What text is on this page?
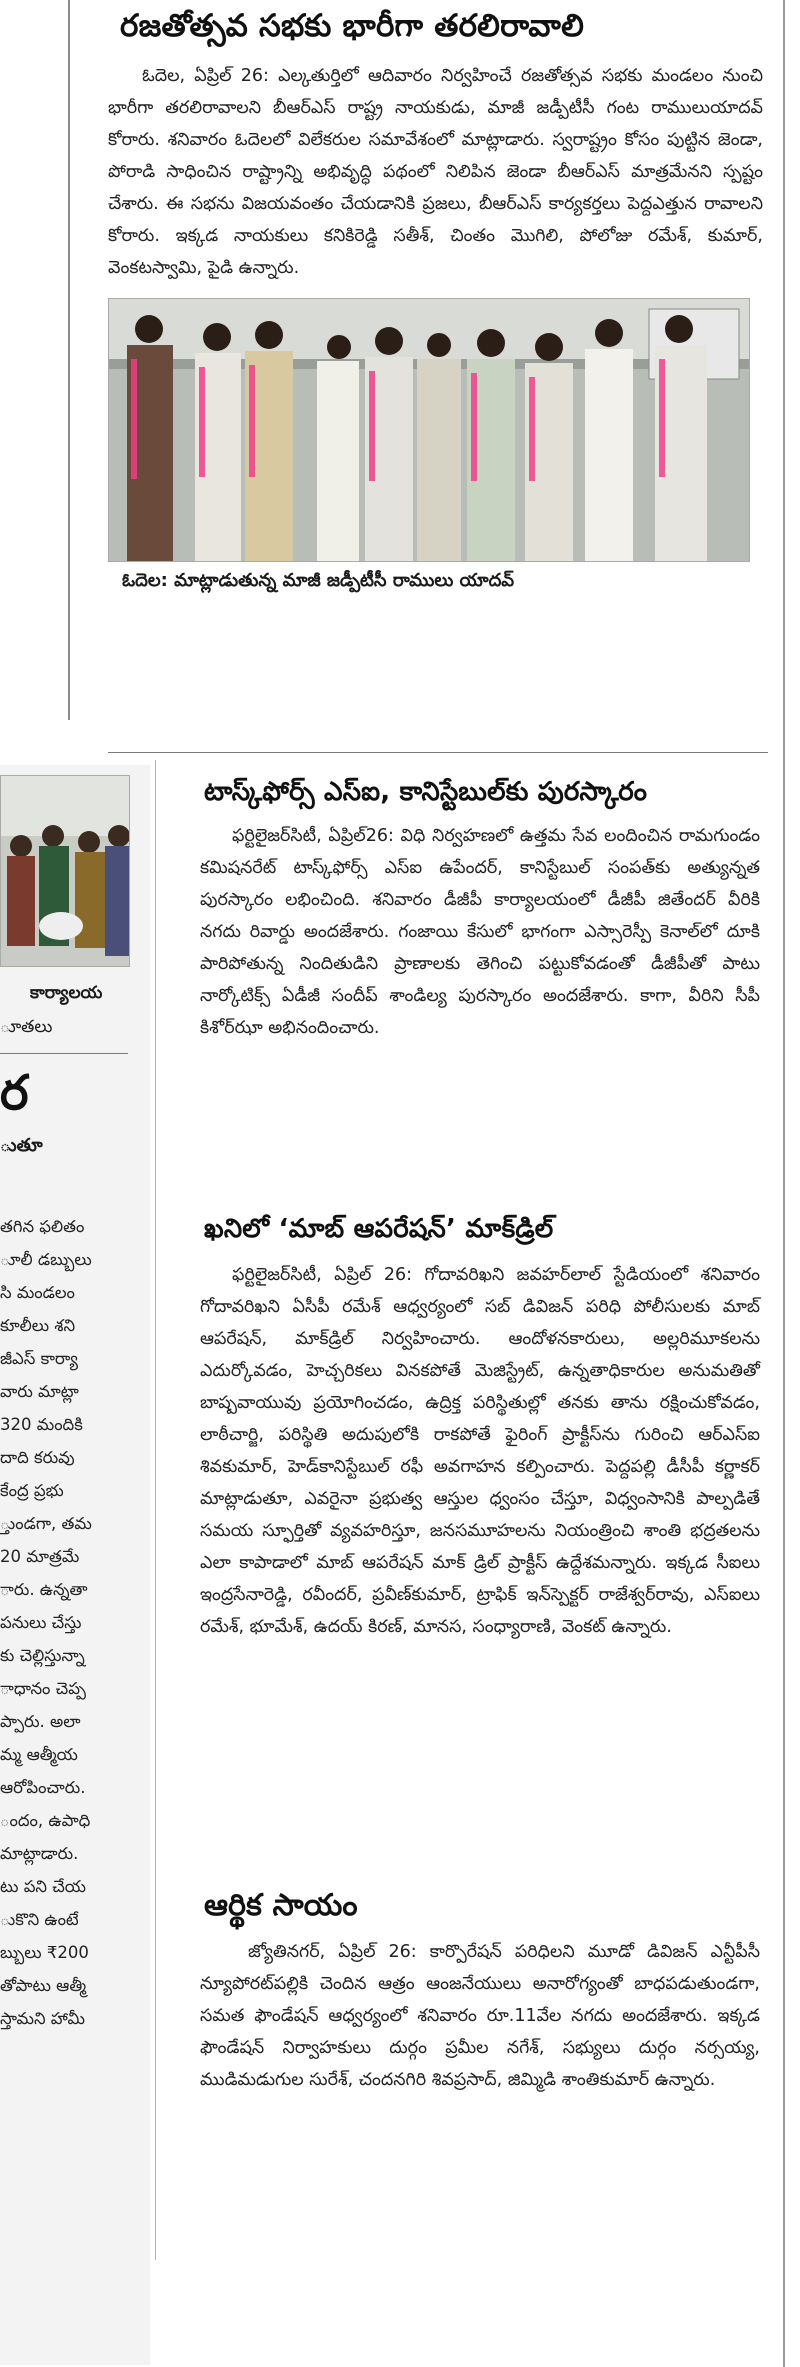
కార్యాలయ
ూతలు
ర
ుతూ
తగిన ఫలితం
ూలీ డబ్బులు
సి మండలం
కూలీలు శని
జీఎస్ కార్యా
వారు మాట్లా
320 మందికి
దాది కరువు
కేంద్ర ప్రభు
్తుండగా, తమ
20 మాత్రమే
ారు. ఉన్నతా
పనులు చేస్తు
కు చెల్లిస్తున్నా
ాధానం చెప్ప
ప్పారు. అలా
మ్మ ఆత్మీయ
ఆరోపించారు.
ందం, ఉపాధి
మాట్లాడారు.
టు పని చేయ
ుకొని ఉంటే
బ్బులు ₹200
తోపాటు ఆత్మీ
స్తామని హామీ
రజతోత్సవ సభకు భారీగా తరలిరావాలి
ఓదెల, ఏప్రిల్ 26: ఎల్కతుర్తిలో ఆదివారం నిర్వహించే రజతోత్సవ సభకు మండలం నుంచి భారీగా తరలిరావాలని బీఆర్ఎస్ రాష్ట్ర నాయకుడు, మాజీ జడ్పీటీసీ గంట రాములుయాదవ్ కోరారు. శనివారం ఓదెలలో విలేకరుల సమావేశంలో మాట్లాడారు. స్వరాష్ట్రం కోసం పుట్టిన జెండా, పోరాడి సాధించిన రాష్ట్రాన్ని అభివృద్ధి పథంలో నిలిపిన జెండా బీఆర్ఎస్ మాత్రమేనని స్పష్టం చేశారు. ఈ సభను విజయవంతం చేయడానికి ప్రజలు, బీఆర్ఎస్ కార్యకర్తలు పెద్దఎత్తున రావాలని కోరారు. ఇక్కడ నాయకులు కనికిరెడ్డి సతీశ్, చింతం మొగిలి, పోలోజు రమేశ్, కుమార్, వెంకటస్వామి, పైడి ఉన్నారు.
ఓదెల: మాట్లాడుతున్న మాజీ జడ్పీటీసీ రాములు యాదవ్
టాస్క్‌ఫోర్స్ ఎస్ఐ, కానిస్టేబుల్‌కు పురస్కారం
ఫర్టిలైజర్‌సిటీ, ఏప్రిల్26: విధి నిర్వహణలో ఉత్తమ సేవ లందించిన రామగుండం కమిషనరేట్ టాస్క్‌ఫోర్స్ ఎస్ఐ ఉపేందర్, కానిస్టేబుల్ సంపత్‌కు అత్యున్నత పురస్కారం లభించింది. శనివారం డీజీపీ కార్యాలయంలో డీజీపీ జితేందర్ వీరికి నగదు రివార్డు అందజేశారు. గంజాయి కేసులో భాగంగా ఎస్సారెస్పీ కెనాల్‌లో దూకి పారిపోతున్న నిందితుడిని ప్రాణాలకు తెగించి పట్టుకోవడంతో డీజీపీతో పాటు నార్కోటిక్స్ ఏడీజీ సందీప్ శాండిల్య పురస్కారం అందజేశారు. కాగా, వీరిని సీపీ కిశోర్‌ఝా అభినందించారు.
ఖనిలో ‘మాబ్ ఆపరేషన్’ మాక్‌డ్రిల్
ఫర్టిలైజర్‌సిటీ, ఏప్రిల్ 26: గోదావరిఖని జవహర్‌లాల్ స్టేడియంలో శనివారం గోదావరిఖని ఏసీపీ రమేశ్ ఆధ్వర్యంలో సబ్ డివిజన్ పరిధి పోలీసులకు మాబ్ ఆపరేషన్, మాక్‌డ్రిల్ నిర్వహించారు. ఆందోళనకారులు, అల్లరిమూకలను ఎదుర్కోవడం, హెచ్చరికలు వినకపోతే మెజిస్ట్రేట్, ఉన్నతాధికారుల అనుమతితో బాష్పవాయువు ప్రయోగించడం, ఉద్రిక్త పరిస్థితుల్లో తనకు తాను రక్షించుకోవడం, లాఠీచార్జి, పరిస్థితి అదుపులోకి రాకపోతే ఫైరింగ్ ప్రాక్టీస్‌ను గురించి ఆర్ఎస్ఐ శివకుమార్, హెడ్‌కానిస్టేబుల్ రఫీ అవగాహన కల్పించారు. పెద్దపల్లి డీసీపీ కర్ణాకర్ మాట్లాడుతూ, ఎవరైనా ప్రభుత్వ ఆస్తుల ధ్వంసం చేస్తూ, విధ్వంసానికి పాల్పడితే సమయ స్ఫూర్తితో వ్యవహరిస్తూ, జనసమూహలను నియంత్రించి శాంతి భద్రతలను ఎలా కాపాడాలో మాబ్ ఆపరేషన్ మాక్ డ్రిల్ ప్రాక్టీస్ ఉద్దేశమన్నారు. ఇక్కడ సీఐలు ఇంద్రసేనారెడ్డి, రవీందర్, ప్రవీణ్‌కుమార్, ట్రాఫిక్ ఇన్‌స్పెక్టర్ రాజేశ్వర్‌రావు, ఎస్ఐలు రమేశ్, భూమేశ్, ఉదయ్ కిరణ్, మానస, సంధ్యారాణి, వెంకట్ ఉన్నారు.
ఆర్థిక సాయం
జ్యోతినగర్, ఏప్రిల్ 26: కార్పొరేషన్ పరిధిలని మూడో డివిజన్ ఎన్టీపీసీ న్యూపోరట్‌పల్లికి చెందిన ఆత్రం ఆంజనేయులు అనారోగ్యంతో బాధపడుతుండగా, సమత ఫౌండేషన్ ఆధ్వర్యంలో శనివారం రూ.11వేల నగదు అందజేశారు. ఇక్కడ ఫౌండేషన్ నిర్వాహకులు దుర్గం ప్రమీల నగేశ్, సభ్యులు దుర్గం నర్సయ్య, ముడిమడుగుల సురేశ్, చందనగిరి శివప్రసాద్, జిమ్మిడి శాంతికుమార్ ఉన్నారు.
